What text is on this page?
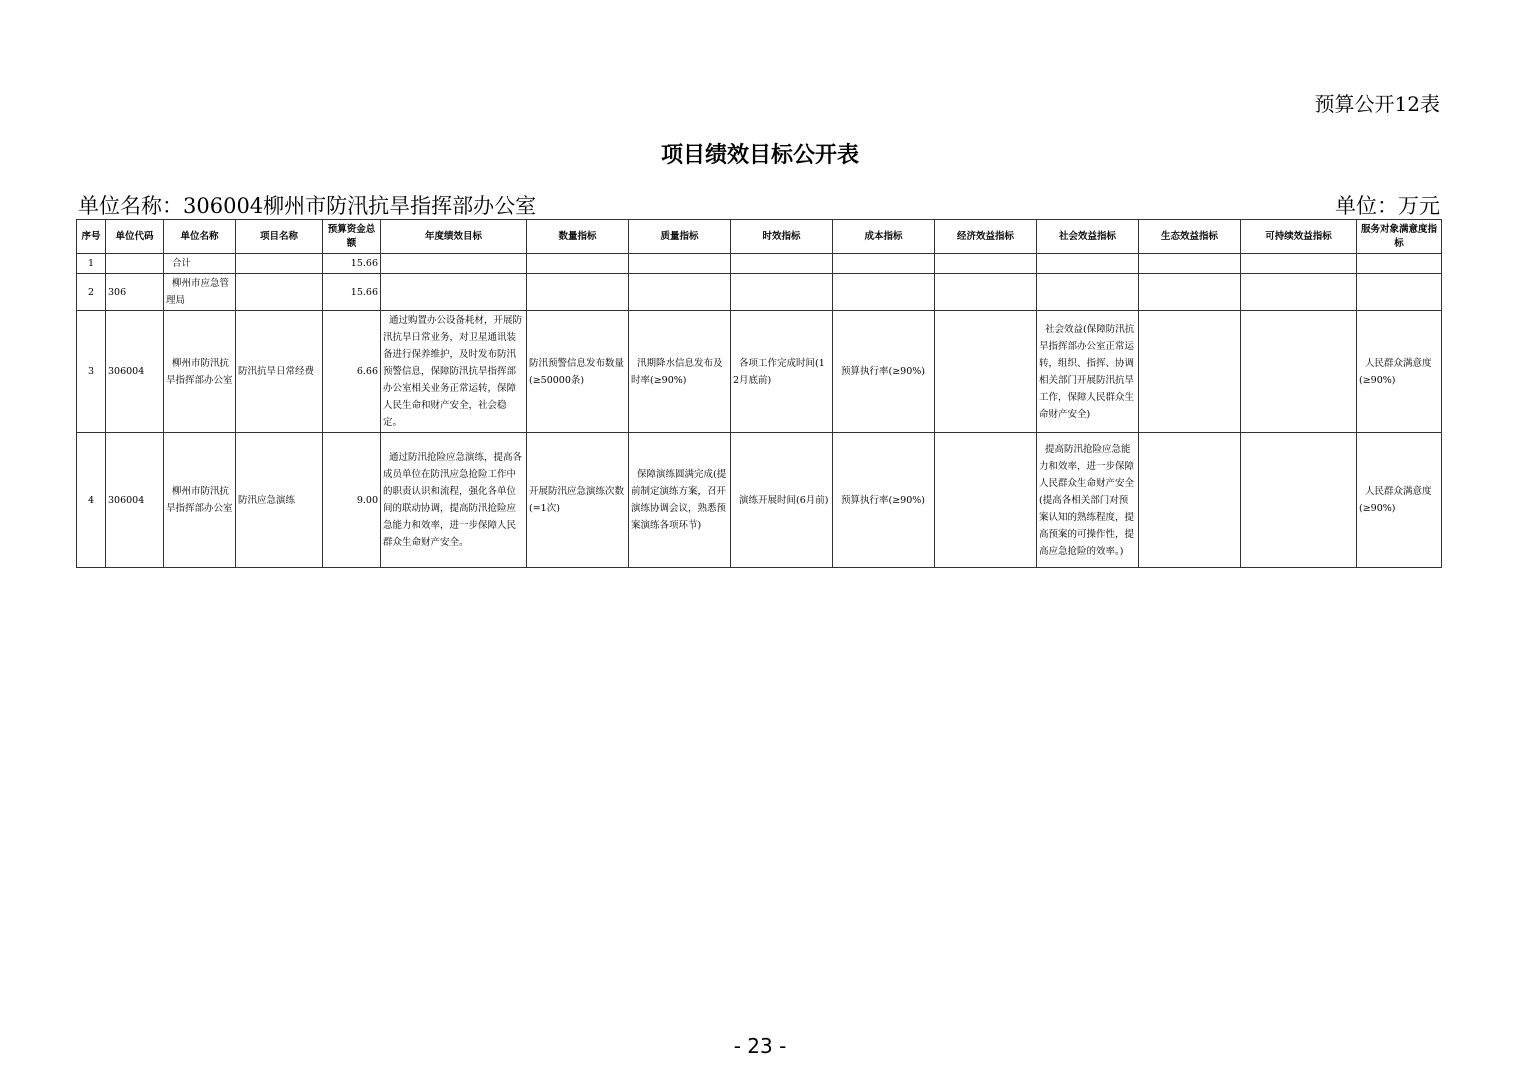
预算公开12表
项目绩效目标公开表
单位名称：306004柳州市防汛抗旱指挥部办公室	单位：万元
序号	单位代码	单位名称	项目名称	预算资金总额	年度绩效目标	数量指标	质量指标	时效指标	成本指标	经济效益指标	社会效益指标	生态效益指标	可持续效益指标	服务对象满意度指标
1		合计		15.66										
2	306	柳州市应急管理局		15.66										
3	306004	柳州市防汛抗旱指挥部办公室	防汛抗旱日常经费	6.66	通过购置办公设备耗材，开展防汛抗旱日常业务，对卫星通讯装备进行保养维护，及时发布防汛预警信息，保障防汛抗旱指挥部办公室相关业务正常运转，保障人民生命和财产安全，社会稳定。	防汛预警信息发布数量(≥50000条)	汛期降水信息发布及时率(≥90%)	各项工作完成时间(12月底前)	预算执行率(≥90%)		社会效益(保障防汛抗旱指挥部办公室正常运转，组织、指挥、协调相关部门开展防汛抗旱工作，保障人民群众生命财产安全)			人民群众满意度(≥90%)
4	306004	柳州市防汛抗旱指挥部办公室	防汛应急演练	9.00	通过防汛抢险应急演练，提高各成员单位在防汛应急抢险工作中的职责认识和流程，强化各单位间的联动协调，提高防汛抢险应急能力和效率，进一步保障人民群众生命财产安全。	开展防汛应急演练次数(=1次)	保障演练圆满完成(提前制定演练方案，召开演练协调会议，熟悉预案演练各项环节)	演练开展时间(6月前)	预算执行率(≥90%)		提高防汛抢险应急能力和效率，进一步保障人民群众生命财产安全(提高各相关部门对预案认知的熟练程度，提高预案的可操作性，提高应急抢险的效率。)			人民群众满意度(≥90%)
- 23 -
